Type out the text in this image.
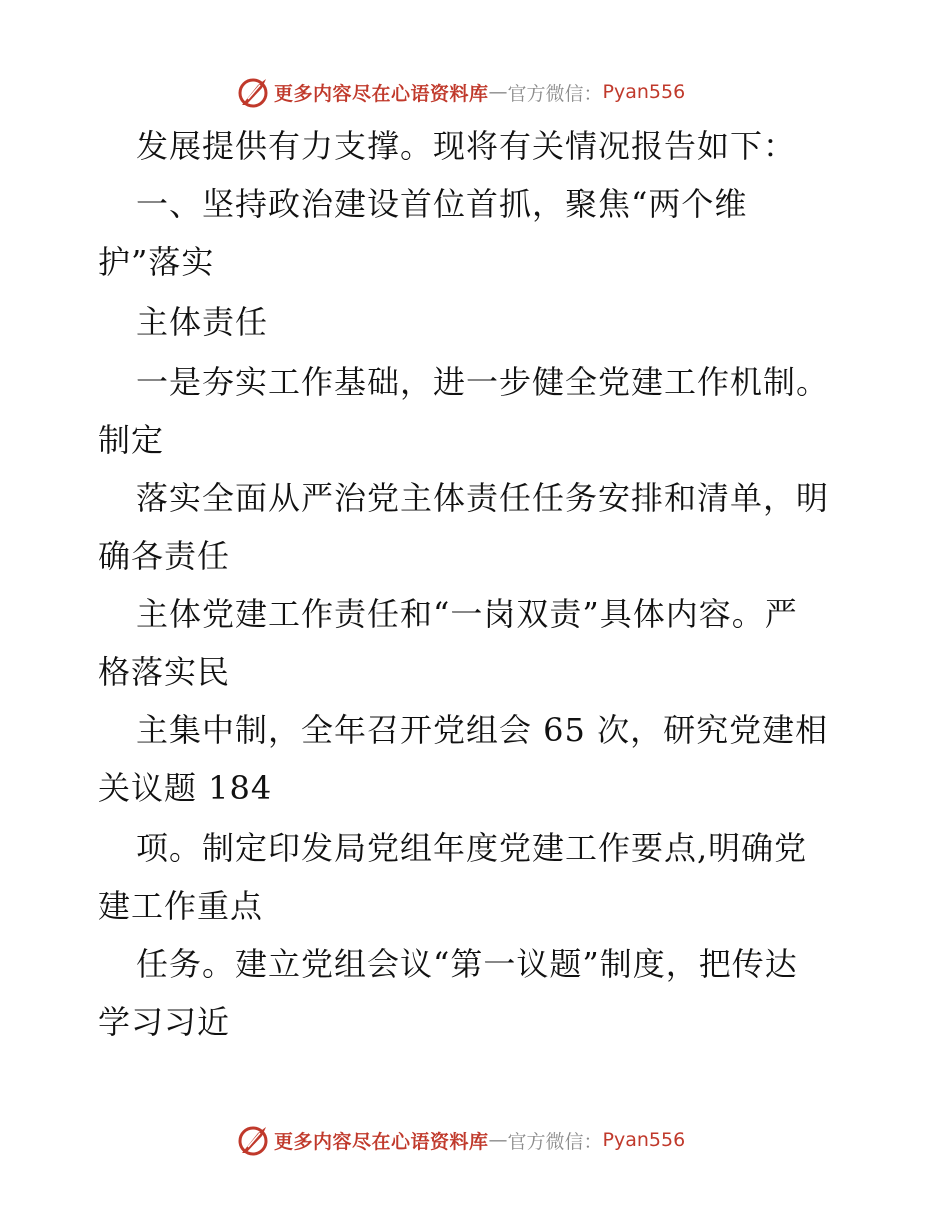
更多内容尽在心语资料库 — 官方微信： Pyan556
发展提供有力支撑。现将有关情况报告如下：
一、坚持政治建设首位首抓，聚焦“两个维
护”落实
主体责任
一是夯实工作基础，进一步健全党建工作机制。
制定
落实全面从严治党主体责任任务安排和清单，明
确各责任
主体党建工作责任和“一岗双责”具体内容。严
格落实民
主集中制，全年召开党组会 65 次，研究党建相
关议题 184
项。制定印发局党组年度党建工作要点,明确党
建工作重点
任务。建立党组会议“第一议题”制度，把传达
学习习近
更多内容尽在心语资料库 — 官方微信： Pyan556
